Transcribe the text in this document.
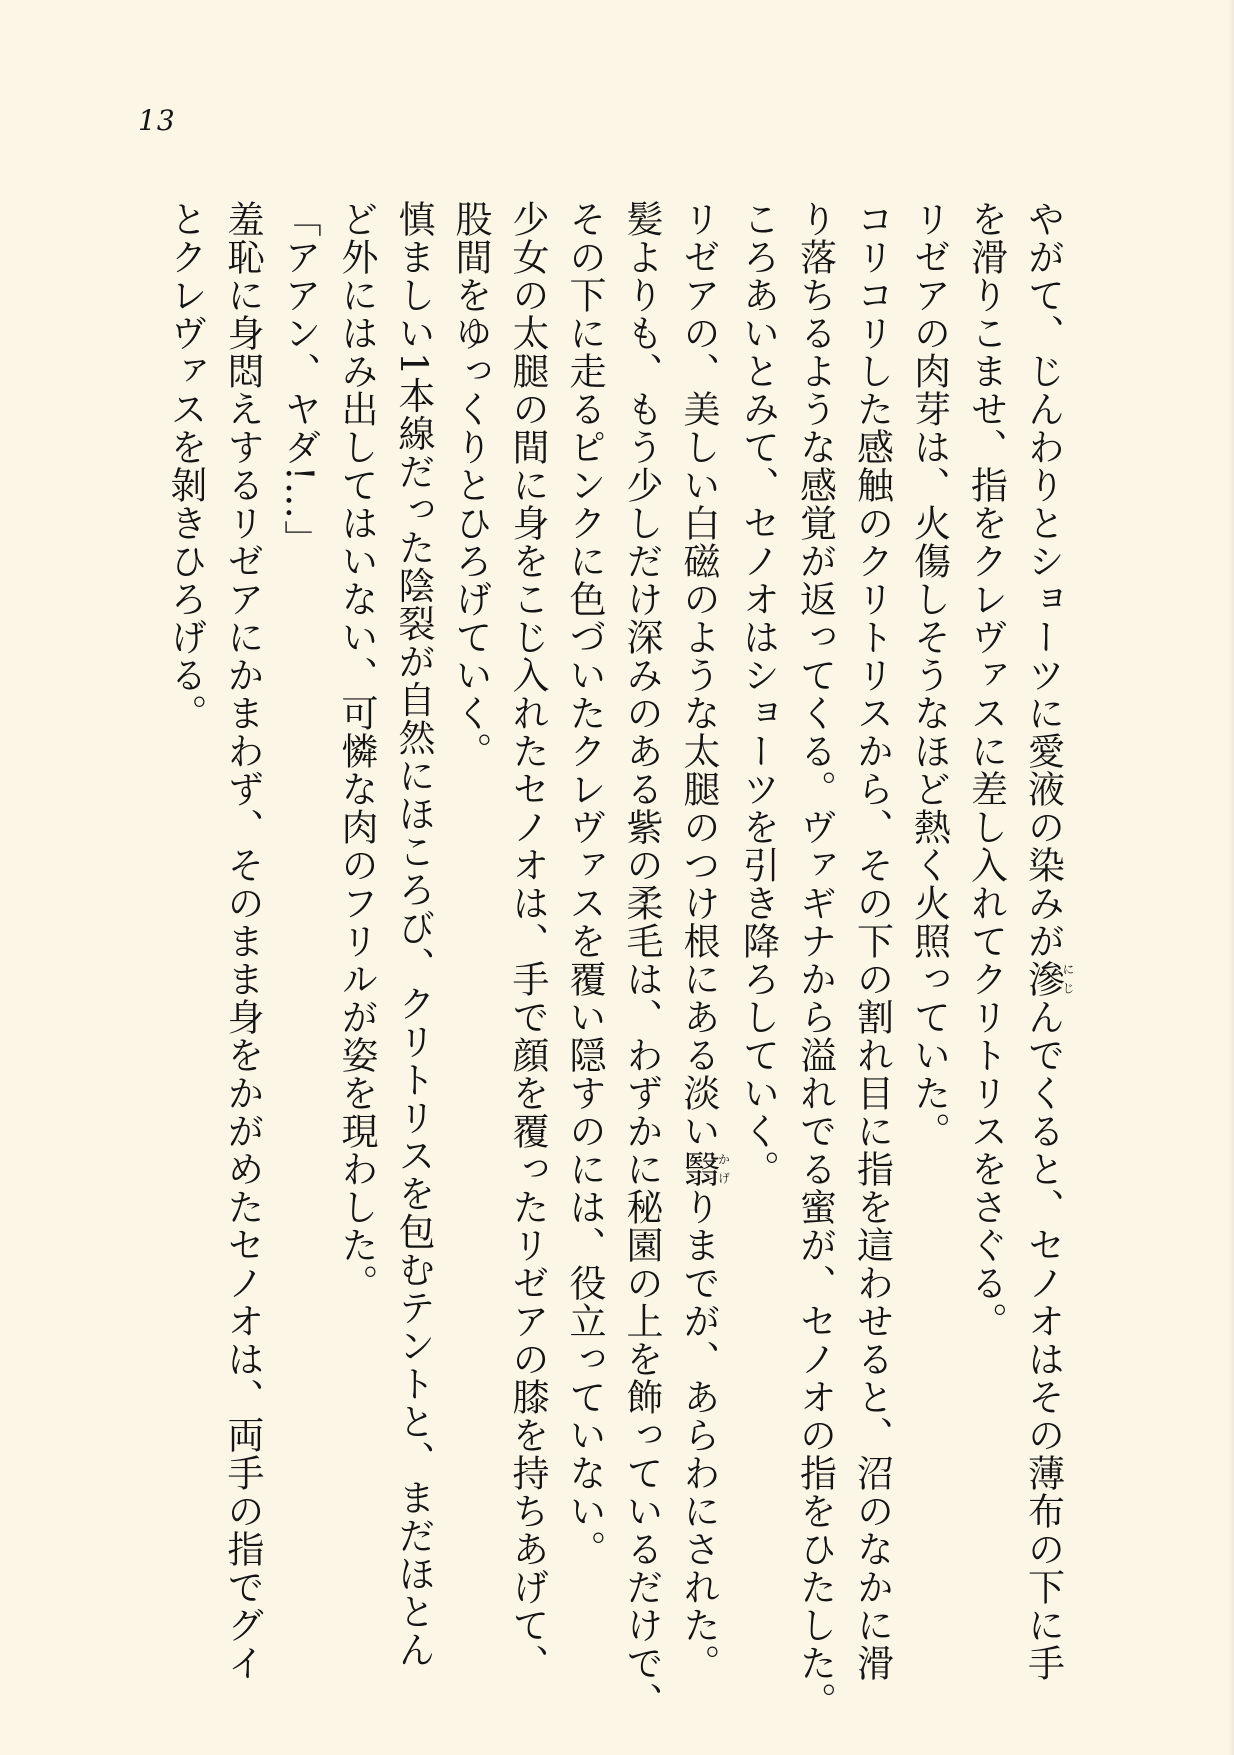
13
やがて、じんわりとショーツに愛液の染みが滲にじんでくると、セノオはその薄布の下に手
を滑りこませ、指をクレヴァスに差し入れてクリトリスをさぐる。
リゼアの肉芽は、火傷しそうなほど熱く火照っていた。
コリコリした感触のクリトリスから、その下の割れ目に指を這わせると、沼のなかに滑
り落ちるような感覚が返ってくる。ヴァギナから溢れでる蜜が、セノオの指をひたした。
ころあいとみて、セノオはショーツを引き降ろしていく。
リゼアの、美しい白磁のような太腿のつけ根にある淡い翳かげりまでが、あらわにされた。
髪よりも、もう少しだけ深みのある紫の柔毛は、わずかに秘園の上を飾っているだけで、
その下に走るピンクに色づいたクレヴァスを覆い隠すのには、役立っていない。
少女の太腿の間に身をこじ入れたセノオは、手で顔を覆ったリゼアの膝を持ちあげて、
股間をゆっくりとひろげていく。
慎ましい1本線だった陰裂が自然にほころび、クリトリスを包むテントと、まだほとん
ど外にはみ出してはいない、可憐な肉のフリルが姿を現わした。
「アアン、ヤダ!…」
羞恥に身悶えするリゼアにかまわず、そのまま身をかがめたセノオは、両手の指でグイ
とクレヴァスを剝きひろげる。
